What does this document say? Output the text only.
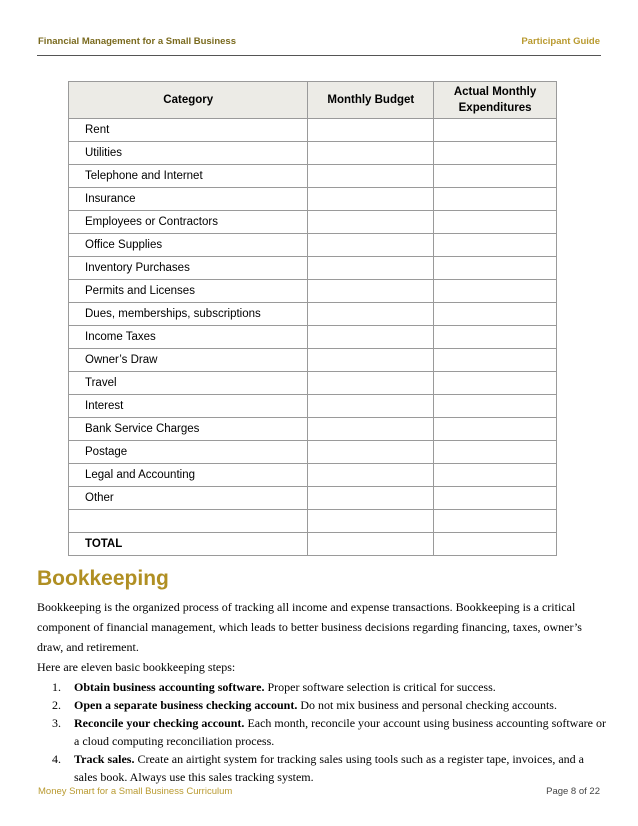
Financial Management for a Small Business	Participant Guide
Category	Monthly Budget	Actual Monthly Expenditures
Rent		
Utilities		
Telephone and Internet		
Insurance		
Employees or Contractors		
Office Supplies		
Inventory Purchases		
Permits and Licenses		
Dues, memberships, subscriptions		
Income Taxes		
Owner’s Draw		
Travel		
Interest		
Bank Service Charges		
Postage		
Legal and Accounting		
Other		

TOTAL		
Bookkeeping
Bookkeeping is the organized process of tracking all income and expense transactions. Bookkeeping is a critical component of financial management, which leads to better business decisions regarding financing, taxes, owner’s draw, and retirement.
Here are eleven basic bookkeeping steps:
1.	Obtain business accounting software. Proper software selection is critical for success.
2.	Open a separate business checking account. Do not mix business and personal checking accounts.
3.	Reconcile your checking account. Each month, reconcile your account using business accounting software or a cloud computing reconciliation process.
4.	Track sales. Create an airtight system for tracking sales using tools such as a register tape, invoices, and a sales book. Always use this sales tracking system.
Money Smart for a Small Business Curriculum	Page 8 of 22
